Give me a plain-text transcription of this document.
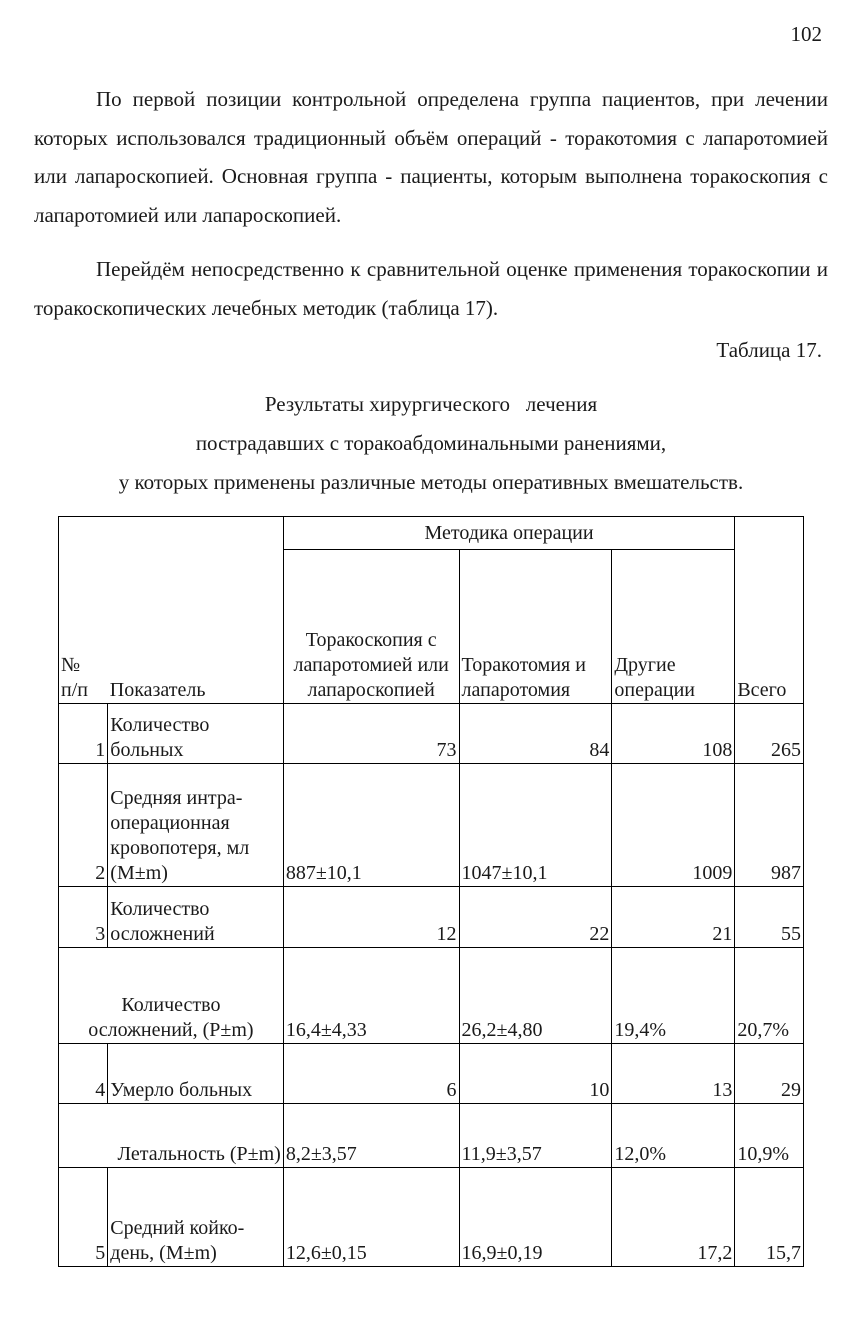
102

По первой позиции контрольной определена группа пациентов, при лечении которых использовался традиционный объём операций - торакотомия с лапаротомией или лапароскопией. Основная группа - пациенты, которым выполнена торакоскопия с лапаротомией или лапароскопией.

Перейдём непосредственно к сравнительной оценке применения торакоскопии и торакоскопических лечебных методик (таблица 17).

Таблица 17.
Результаты хирургического   лечения
пострадавших с торакоабдоминальными ранениями,
у которых применены различные методы оперативных вмешательств.
№ п/п	Показатель	Методика операции			Всего
		Торакоскопия с лапаротомией или лапароскопией	Торакотомия и лапаротомия	Другие операции	
1	Количество больных	73	84	108	265
2	Средняя интра-операционная кровопотеря, мл (M±m)	887±10,1	1047±10,1	1009	987
3	Количество осложнений	12	22	21	55
Количество осложнений, (P±m)		16,4±4,33	26,2±4,80	19,4%	20,7%
4	Умерло больных	6	10	13	29
Летальность (P±m)		8,2±3,57	11,9±3,57	12,0%	10,9%
5	Средний койко-день, (M±m)	12,6±0,15	16,9±0,19	17,2	15,7
